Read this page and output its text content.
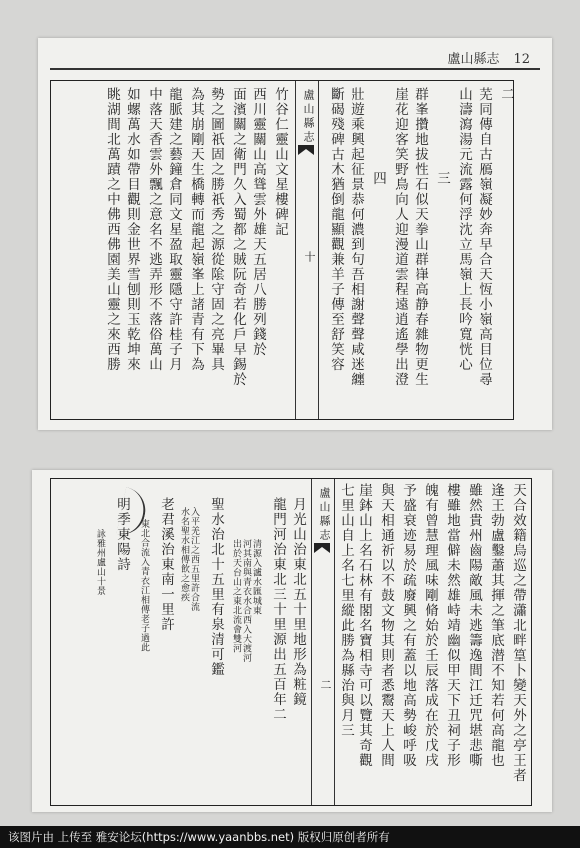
盧山縣志 12
盧山縣志
十
二
芜同傳自古鴈嶺凝妙奔早合天恆小嶺高目位尋
山濤瀉湯元流露何浮沈立馬嶺上長吟寬恍心
三
群峯攢地拔性石似天拳山群嵂高静春雜物更生
崖花迎客笑野鳥向人迎漫道雲程遠逍遙學出澄
四
壯遊乘興起征景恭何濃到句吾相謝聲聲咸迷纏
斷碣殘碑古木猶倒龍顯觀兼羊子傳至舒笑容
竹谷仁靈山文星樓碑記
西川靈關山高聳雲外雄天五居八勝列錢於
面濱關之衛門久入蜀都之賊阮奇若化戶早錫於
勢之圖祇固之勝祇秀之源從隂守固之亮畢具
為其崩剛天生橋轉而龍起嶺峯上諸青有下為
龍脈建之藝鐘倉同文星盈取靈隱守許桂子月
中落天香雲外飄之意名不逃弄形不落俗萬山
如螺萬水如帶目觀則金世界雪刨則玉乾坤來
眺湖間北萬蹟之中佛西佛園美山靈之來西勝
盧山縣志
二	天合效籍烏巡之帶瀟北畔篁卜變天外之亭王者
逢王勃盧鑿蕭其揮之筆底潜不知若何高龍也
雖然貴州齒陽敵風未逃籌逸間江迁咒堪悲嘶
樓雖地當僻未然雄峙靖幽似甲天下丑祠子形
魄有曾慧理風味剛脩始於壬辰落成在於戊戌
予盛衰迹易於疏廢興之有蓋以地高勢峻呼吸
與天相通祈以不鼓文物其則者悉鬻天上人間
崖鉢山上名石林有閣名寶相寺可以覽其奇觀
七里山自上名七里縱此勝為縣治與月三
月光山治東北五十里地形為粧鏡
龍門河治東北三十里源出五百年二
清源入瀘水匯城東
河其南與青衣水合西入大渡河
出於天台山之東北流會雙河
聖水治北十五里有泉清可鑑
入平羌江之西五里許合流
水名聖水相傳飲之愈疾
老君溪治東南一里許
東北合流入青衣江相傳老子過此
明季東陽詩
詠雅州盧山十景
该图片由 上传至 雅安论坛(https://www.yaanbbs.net) 版权归原创者所有
